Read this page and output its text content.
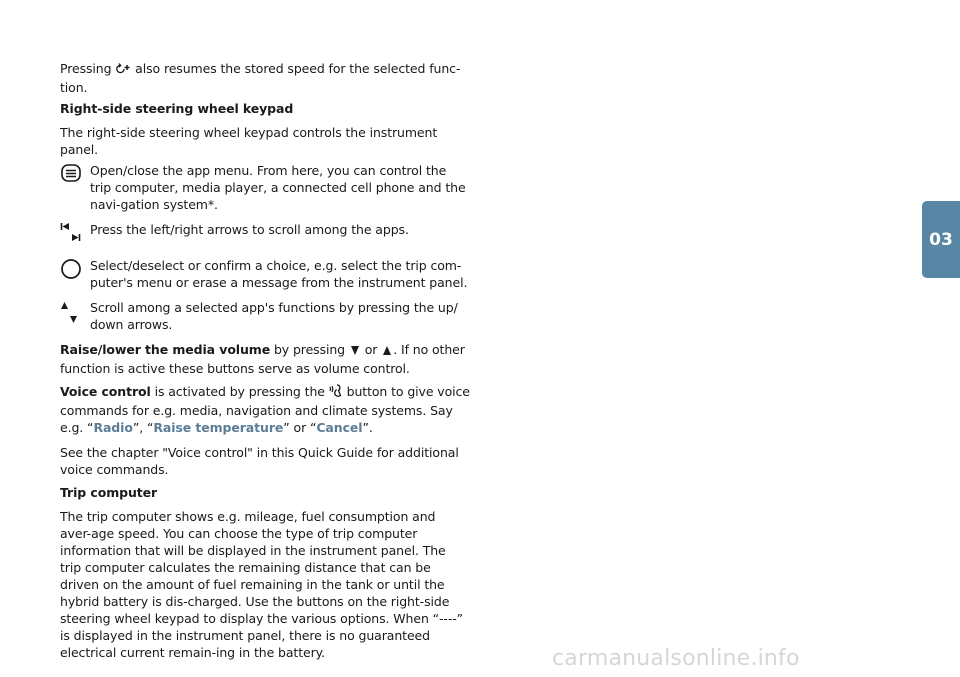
Pressing  also resumes the stored speed for the selected func-tion.

Right-side steering wheel keypad

The right-side steering wheel keypad controls the instrument panel.

Open/close the app menu. From here, you can control the trip computer, media player, a connected cell phone and the navi-gation system*.

Press the left/right arrows to scroll among the apps.

Select/deselect or confirm a choice, e.g. select the trip com-puter's menu or erase a message from the instrument panel.

Scroll among a selected app's functions by pressing the up/ down arrows.

Raise/lower the media volume by pressing  or . If no other function is active these buttons serve as volume control.

Voice control is activated by pressing the  button to give voice commands for e.g. media, navigation and climate systems. Say e.g. “Radio”, “Raise temperature” or “Cancel”.

See the chapter "Voice control" in this Quick Guide for additional voice commands.

Trip computer

The trip computer shows e.g. mileage, fuel consumption and aver-age speed. You can choose the type of trip computer information that will be displayed in the instrument panel. The trip computer calculates the remaining distance that can be driven on the amount of fuel remaining in the tank or until the hybrid battery is dis-charged. Use the buttons on the right-side steering wheel keypad to display the various options. When “----” is displayed in the instrument panel, there is no guaranteed electrical current remain-ing in the battery.

03
carmanualsonline.info
